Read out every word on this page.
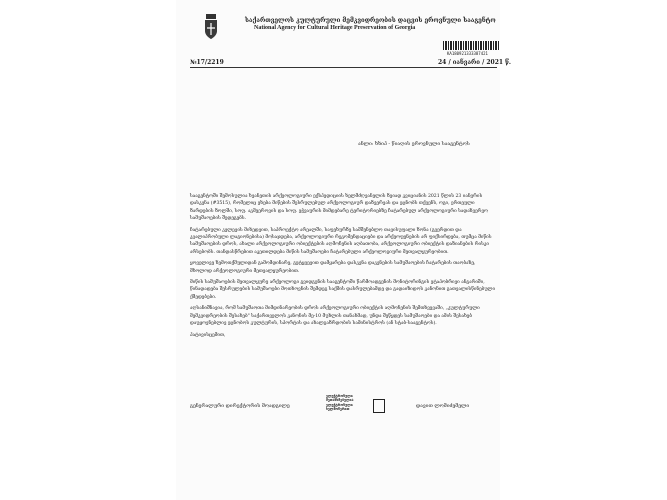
საქართველოს კულტურული მემკვიდრეობის დაცვის ეროვნული სააგენტო
National Agency for Cultural Heritage Preservation of Georgia
KA180921333387421
№17/2219	24 / იანვარი / 2021 წ.
ანლი: ხხიპ - წიაღის ეროვნული სააგენტოს

სააგენტოში შემოსულია ხვანეთის არქეოლოგიური ექსპედიციის ხელმძღვანელის ზეიად კვიციანის 2021 წლის 23 იანვრის დასკვნა (#3515), რომელიც ეხება მიწების შესრულებულ არქეოლოგიურ დაზვერვას და ეცნობს თქვენს, ოგი, ერთეული ზარდების ზოლში, სოფ. აკმეეროვის და სოფ. ეჭვაურის მიმდებარე ტერიტორიებზე ჩატარებულ არქეოლოგიური სადაზვერვო სამუშაოების შედეგებს.

ჩატარებული კვლევის მიხედვით, საპროექტო არეალში, საფეხურზე სამშენებლო თავისუფალი ზონა (გვერდით და კვალიპრობული ლაგიონებისა) მოსაჯდება, არქეოლოგიური რეკომენდაციები და არქეოფენების არ ფიქსირდება, თუმცა მიწის სამუშაოების დროს, ახალი არქეოლოგიური ობიექტების აღმოჩენის აღბათობა, არქეოლოგიური ობიექტის დაზიანების რისკი არსებობს. თანდასწრებით აკეთილდება მიწის სამუშაოები ჩატარებული არქეოლოგიური მეთვალყურეობით.

ყოველივე ზემოთქმულიდან გამომდინარე, გეტყვევით დამყარება დასკვნა დაკვნების სამუშაოების ჩატარების თაობაზე, მხოლოდ არქეოლოგიური მეთვალყურეობით.

მიწის სამუშაოების მეთვალყურე არქეოლოგი გვიდგენის სააგენტოში წარმოადგენის მონიტორინგის ეტაპობრივი ანგარიში, წინადადება შესრულების სამუშაოები მოთხოვნის შემდეგ საქმის დასრულებამდე და გადაიზიდოს კანონით გათვალისწინებული ქმედებები.

აღსანიშნავია, რომ სამუშაოთა მიმდინარეობის დროს არქეოლოგიური ობიექტის აღმოჩენის შემთხვევაში, „კულტურული მემკვიდრეობის შესახებ" საქართველოს კანონის მე-10 მუხლის თანახმად, უნდა შეწყდეს სამუშაოები და ამის შესახებ დაუყოვნებლივ ეცნობოს კულტურის, სპორტის და ახალგაზრდობის სამინისტროს (ან სტაბ-სააგენტოს).

პატივისცემით,

გენერალური დირექტორის მოადგილე
ელექტრონული
შეთანხმებულია
ელექტრონული
ხელმოწერით
დავით ლომიძემელი
